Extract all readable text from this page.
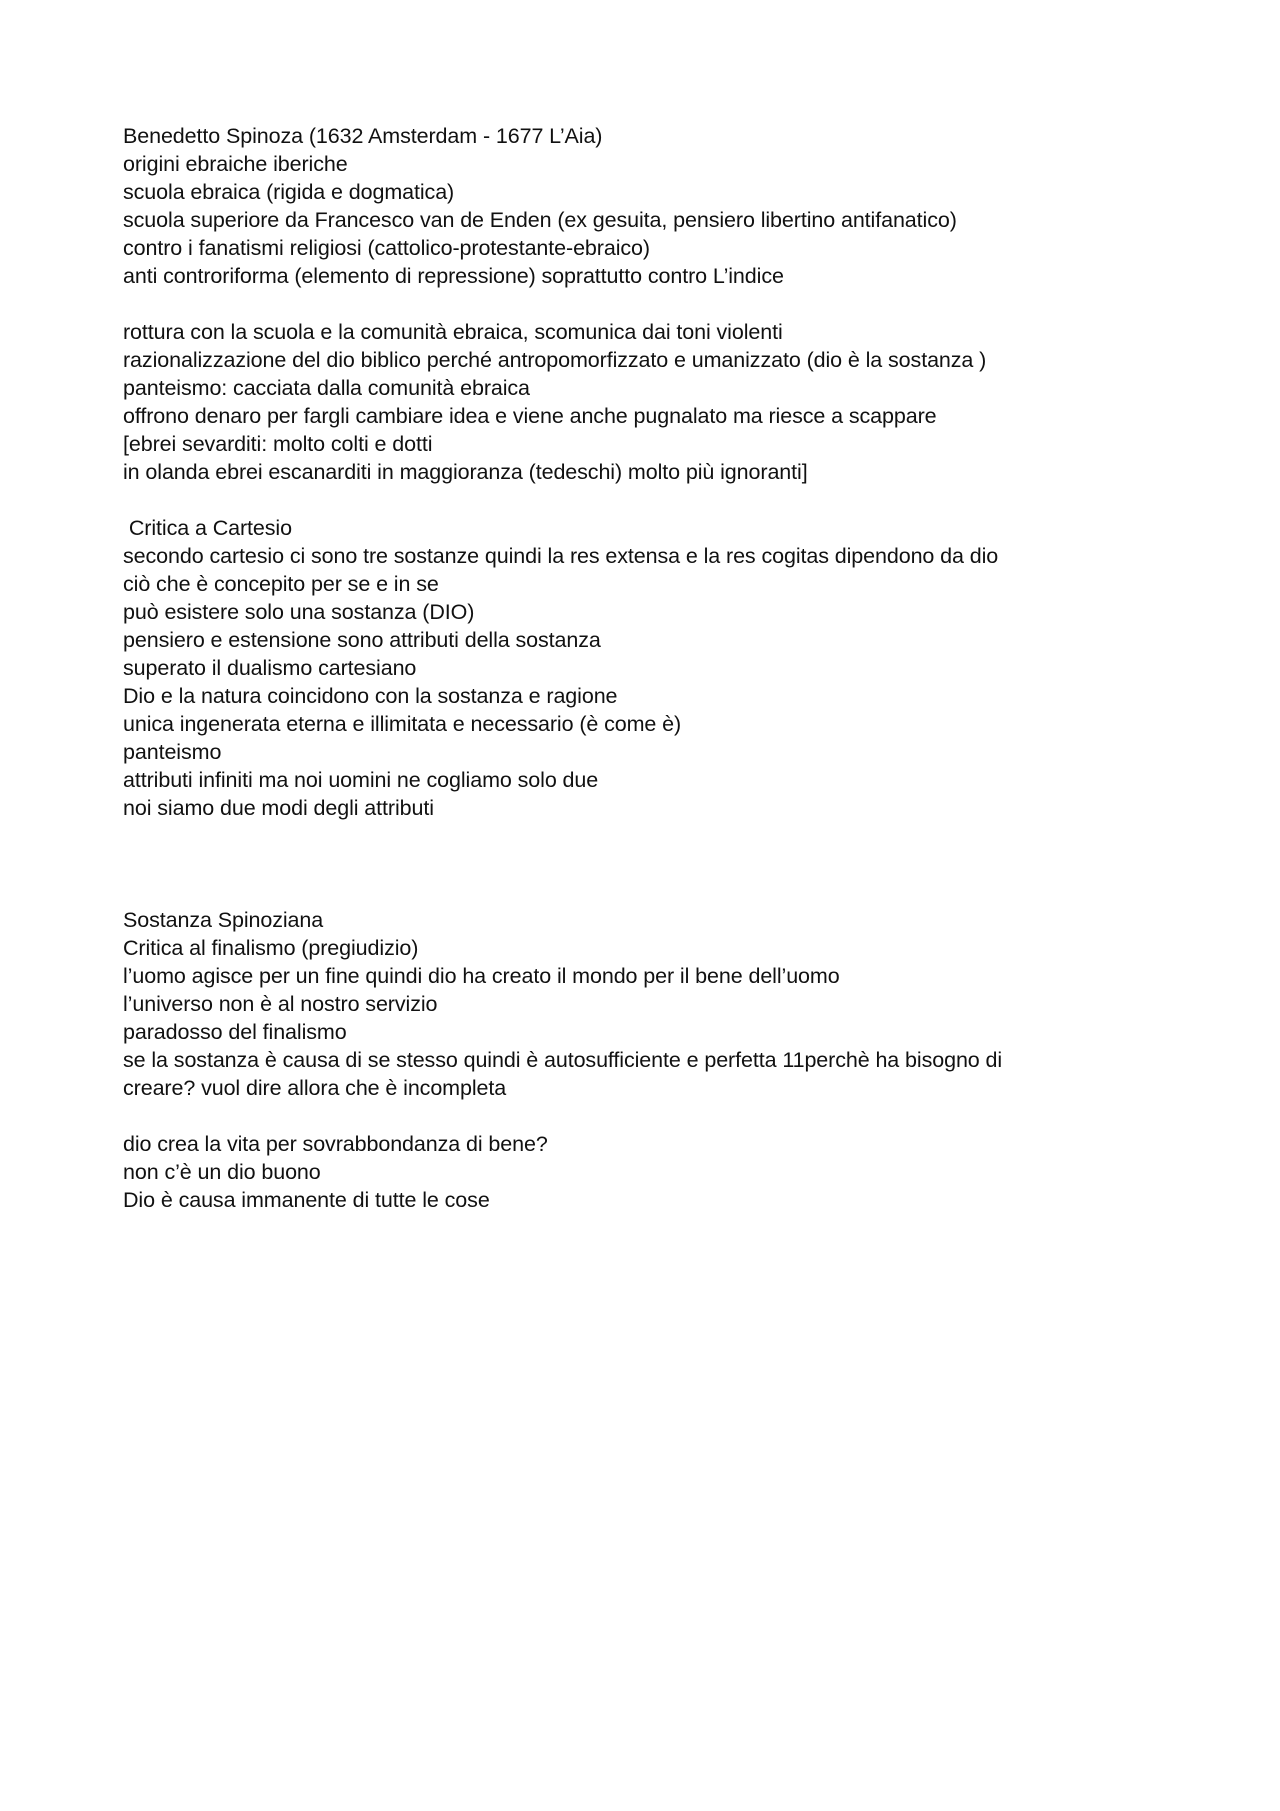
Benedetto Spinoza (1632 Amsterdam - 1677 L’Aia)
origini ebraiche iberiche
scuola ebraica (rigida e dogmatica)
scuola superiore da Francesco van de Enden (ex gesuita, pensiero libertino antifanatico)
contro i fanatismi religiosi (cattolico-protestante-ebraico)
anti controriforma (elemento di repressione) soprattutto contro L’indice
rottura con la scuola e la comunità ebraica, scomunica dai toni violenti
razionalizzazione del dio biblico perché antropomorfizzato e umanizzato (dio è la sostanza )
panteismo: cacciata dalla comunità ebraica
offrono denaro per fargli cambiare idea e viene anche pugnalato ma riesce a scappare
[ebrei sevarditi: molto colti e dotti
in olanda ebrei escanarditi in maggioranza (tedeschi) molto più ignoranti]
Critica a Cartesio
secondo cartesio ci sono tre sostanze quindi la res extensa e la res cogitas dipendono da dio
ciò che è concepito per se e in se
può esistere solo una sostanza (DIO)
pensiero e estensione sono attributi della sostanza
superato il dualismo cartesiano
Dio e la natura coincidono con la sostanza e ragione
unica ingenerata eterna e illimitata e necessario (è come è)
panteismo
attributi infiniti ma noi uomini ne cogliamo solo due
noi siamo due modi degli attributi
Sostanza Spinoziana
Critica al finalismo (pregiudizio)
l’uomo agisce per un fine quindi dio ha creato il mondo per il bene dell’uomo
l’universo non è al nostro servizio
paradosso del finalismo
se la sostanza è causa di se stesso quindi è autosufficiente e perfetta 11perchè ha bisogno di
creare? vuol dire allora che è incompleta
dio crea la vita per sovrabbondanza di bene?
non c’è un dio buono
Dio è causa immanente di tutte le cose
